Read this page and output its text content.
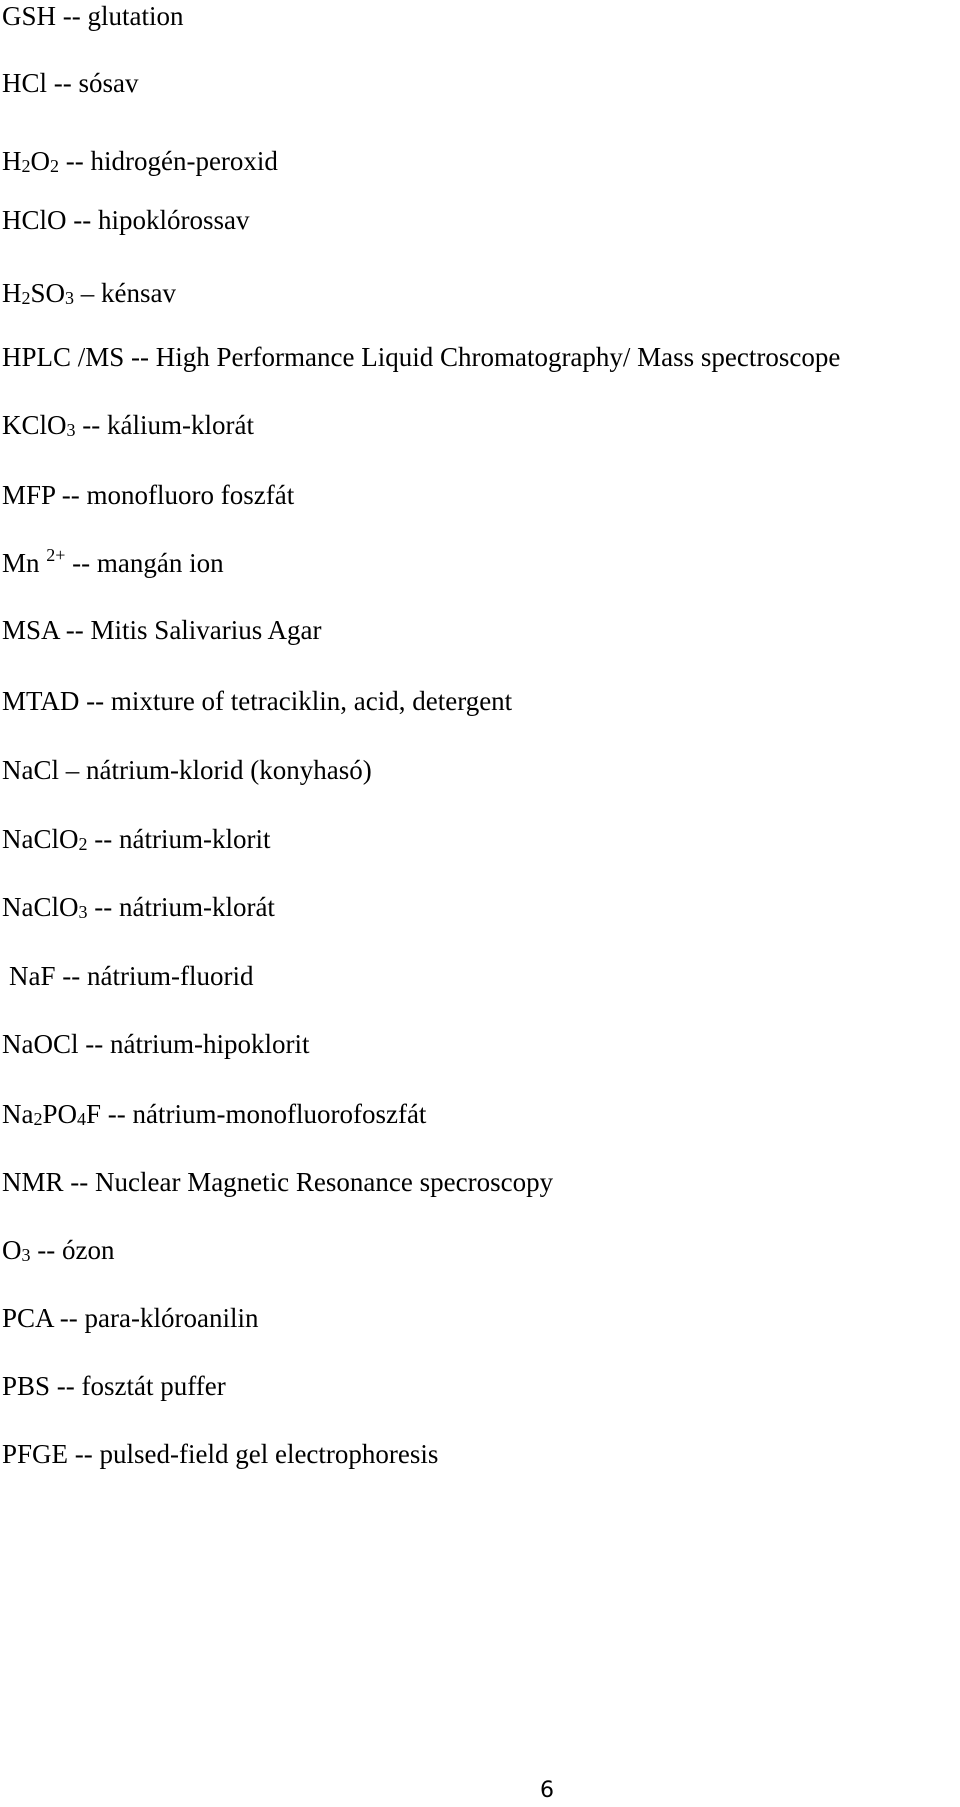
GSH -- glutation
HCl -- sósav
H2O2 -- hidrogén-peroxid
HClO -- hipoklórossav
H2SO3 – kénsav
HPLC /MS -- High Performance Liquid Chromatography/ Mass spectroscope
KClO3 -- kálium-klorát
MFP -- monofluoro foszfát
Mn $^{2+}$ -- mangán ion
MSA -- Mitis Salivarius Agar
MTAD -- mixture of tetraciklin, acid, detergent
NaCl – nátrium-klorid (konyhasó)
NaClO2 -- nátrium-klorit
NaClO3 -- nátrium-klorát
NaF -- nátrium-fluorid
NaOCl -- nátrium-hipoklorit
Na2PO4F -- nátrium-monofluorofoszfát
NMR -- Nuclear Magnetic Resonance specroscopy
O3 -- ózon
PCA -- para-klóroanilin
PBS -- fosztát puffer
PFGE -- pulsed-field gel electrophoresis
6
